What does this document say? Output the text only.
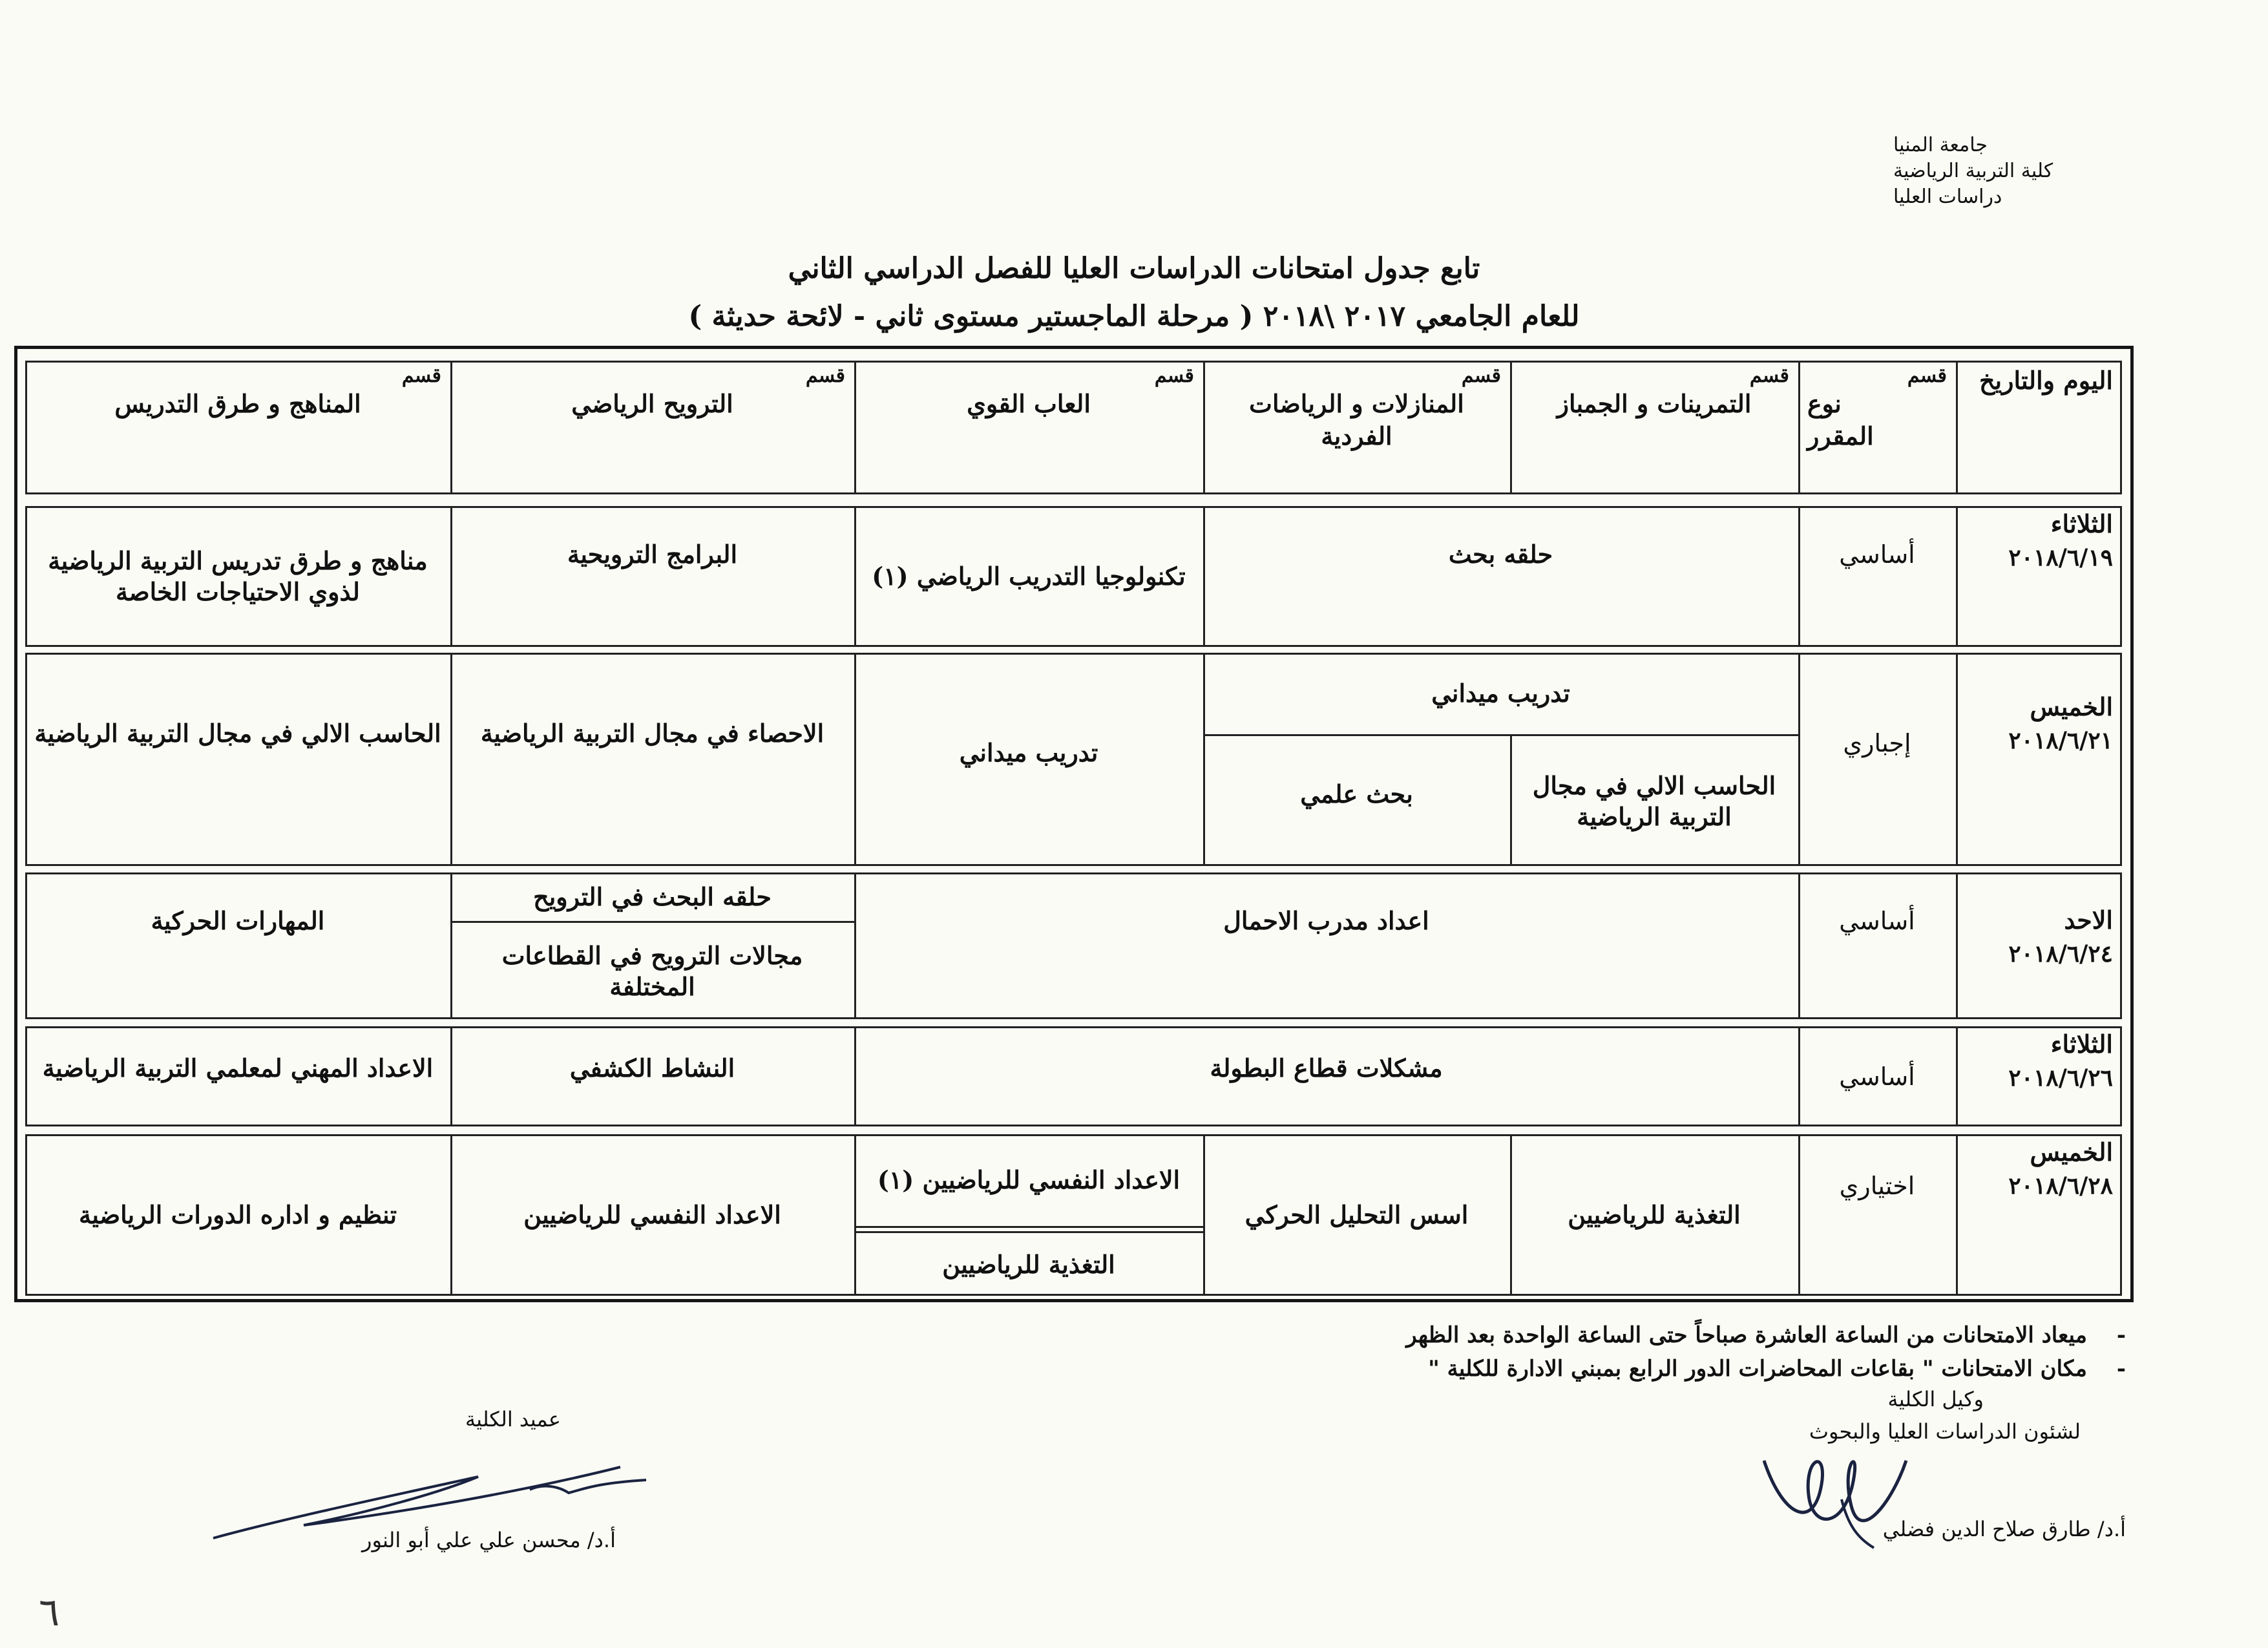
جامعة المنيا
كلية التربية الرياضية
دراسات العليا
تابع جدول امتحانات الدراسات العليا للفصل الدراسي الثاني
للعام الجامعي ٢٠١٧ \٢٠١٨ ( مرحلة الماجستير مستوى ثاني - لائحة حديثة )
اليوم والتاريخ
قسم
نوع
المقرر
قسم
التمرينات و الجمباز
قسم
المنازلات و الرياضات الفردية
قسم
العاب القوي
قسم
الترويح الرياضي
قسم
المناهج و طرق التدريس
الثلاثاء
٢٠١٨/٦/١٩
أساسي
حلقه بحث
تكنولوجيا التدريب الرياضي (١)
البرامج الترويحية
مناهج و طرق تدريس التربية الرياضية لذوي الاحتياجات الخاصة
الخميس
٢٠١٨/٦/٢١
إجباري
تدريب ميداني
الحاسب الالي في مجال التربية الرياضية
بحث علمي
تدريب ميداني
الاحصاء في مجال التربية الرياضية
الحاسب الالي في مجال التربية الرياضية
الاحد
٢٠١٨/٦/٢٤
أساسي
اعداد مدرب الاحمال
حلقه البحث في الترويح
مجالات الترويح في القطاعات المختلفة
المهارات الحركية
الثلاثاء
٢٠١٨/٦/٢٦
أساسي
مشكلات قطاع البطولة
النشاط الكشفي
الاعداد المهني لمعلمي التربية الرياضية
الخميس
٢٠١٨/٦/٢٨
اختياري
التغذية للرياضيين
اسس التحليل الحركي
الاعداد النفسي للرياضيين (١)
التغذية للرياضيين
الاعداد النفسي للرياضيين
تنظيم و اداره الدورات الرياضية
- ميعاد الامتحانات من الساعة العاشرة صباحاً حتى الساعة الواحدة بعد الظهر
- مكان الامتحانات " بقاعات المحاضرات الدور الرابع بمبني الادارة للكلية "
وكيل الكلية
لشئون الدراسات العليا والبحوث
أ.د/ طارق صلاح الدين فضلي
عميد الكلية
أ.د/ محسن علي علي أبو النور
٦
